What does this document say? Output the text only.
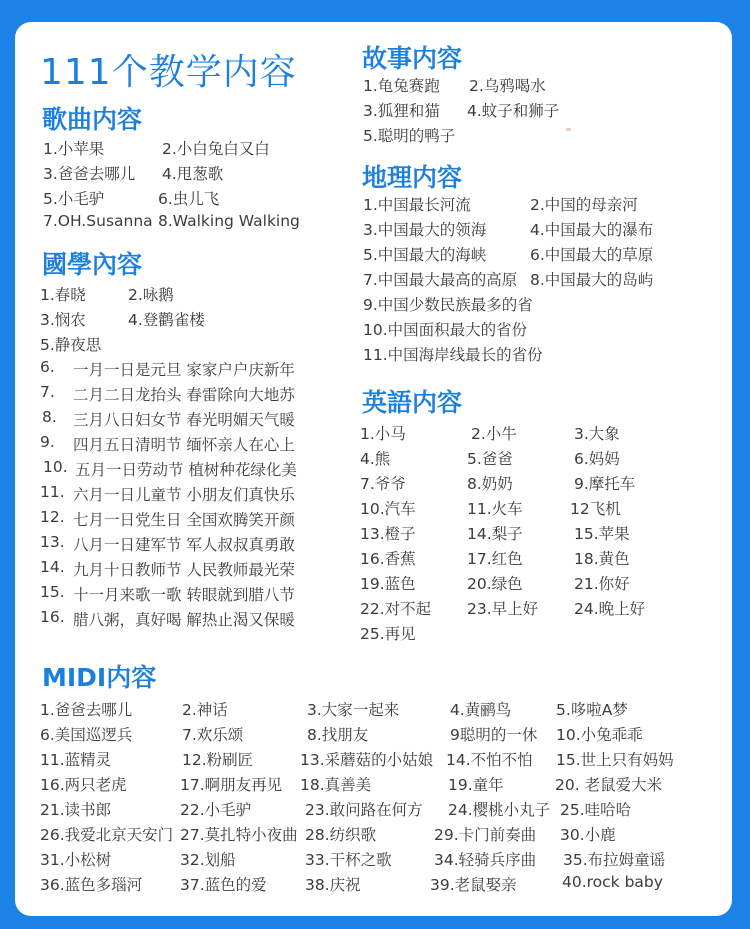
111个教学内容
歌曲内容
1.小苹果	2.小白兔白又白
3.爸爸去哪儿 4.甩葱歌
5.小毛驴	6.虫儿飞
7.OH.Susanna 8.Walking Walking
國學內容
1.春晓	2.咏鹅
3.悯农	4.登鹳雀楼
5.静夜思
6. 一月一日是元旦 家家户户庆新年
7. 二月二日龙抬头 春雷除向大地苏
8. 三月八日妇女节 春光明媚天气暖
9. 四月五日清明节 缅怀亲人在心上
10. 五月一日劳动节 植树种花绿化美
11. 六月一日儿童节 小朋友们真快乐
12. 七月一日党生日 全国欢腾笑开颜
13. 八月一日建军节 军人叔叔真勇敢
14. 九月十日教师节 人民教师最光荣
15. 十一月来歌一歌 转眼就到腊八节
16. 腊八粥，真好喝 解热止渴又保暖
故事内容
1.龟兔赛跑 2.乌鸦喝水
3.狐狸和猫 4.蚊子和狮子
5.聪明的鸭子
地理内容
1.中国最长河流	2.中国的母亲河
3.中国最大的领海	4.中国最大的瀑布
5.中国最大的海峡	6.中国最大的草原
7.中国最大最高的高原 8.中国最大的岛屿
9.中国少数民族最多的省
10.中国面积最大的省份
11.中国海岸线最长的省份
英語内容
1.小马	2.小牛	3.大象
4.熊	5.爸爸	6.妈妈
7.爷爷	8.奶奶	9.摩托车
10.汽车	11.火车	12飞机
13.橙子	14.梨子	15.苹果
16.香蕉	17.红色	18.黄色
19.蓝色	20.绿色	21.你好
22.对不起 23.早上好 24.晚上好
25.再见
MIDI内容
1.爸爸去哪儿	2.神话	3.大家一起来	4.黄鹂鸟	5.哆啦A梦
6.美国巡逻兵	7.欢乐颂	8.找朋友	9聪明的一休 10.小兔乖乖
11.蓝精灵	12.粉刷匠	13.采蘑菇的小姑娘 14.不怕不怕 15.世上只有妈妈
16.两只老虎	17.啊朋友再见 18.真善美	19.童年	20. 老鼠爱大米
21.读书郎	22.小毛驴	23.敢问路在何方 24.樱桃小丸子 25.哇哈哈
26.我爱北京天安门 27.莫扎特小夜曲 28.纺织歌	29.卡门前奏曲 30.小鹿
31.小松树	32.划船	33.干杯之歌	34.轻骑兵序曲 35.布拉姆童谣
36.蓝色多瑙河 37.蓝色的爱 38.庆祝	39.老鼠娶亲	40.rock baby
